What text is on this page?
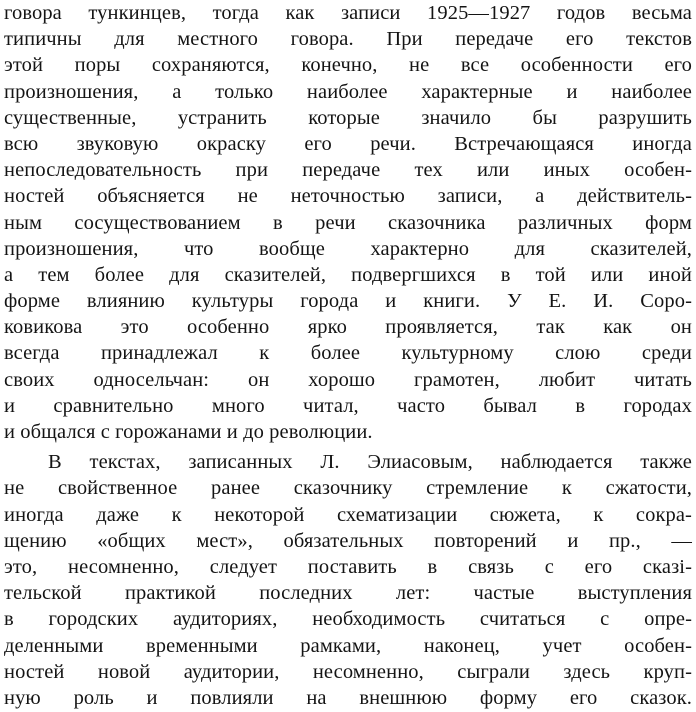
говора тункинцев, тогда как записи 1925—1927 годов весьма
типичны для местного говора. При передаче его текстов
этой поры сохраняются, конечно, не все особенности его
произношения, а только наиболее характерные и наиболее
существенные, устранить которые значило бы разрушить
всю звуковую окраску его речи. Встречающаяся иногда
непоследовательность при передаче тех или иных особен-
ностей объясняется не неточностью записи, а действитель-
ным сосуществованием в речи сказочника различных форм
произношения, что вообще характерно для сказителей,
а тем более для сказителей, подвергшихся в той или иной
форме влиянию культуры города и книги. У Е. И. Соро-
ковикова это особенно ярко проявляется, так как он
всегда принадлежал к более культурному слою среди
своих односельчан: он хорошо грамотен, любит читать
и сравнительно много читал, часто бывал в городах
и общался с горожанами и до революции.
В текстах, записанных Л. Элиасовым, наблюдается также
не свойственное ранее сказочнику стремление к сжатости,
иногда даже к некоторой схематизации сюжета, к сокра-
щению «общих мест», обязательных повторений и пр., —
это, несомненно, следует поставить в связь с его сказі-
тельской практикой последних лет: частые выступления
в городских аудиториях, необходимость считаться с опре-
деленными временными рамками, наконец, учет особен-
ностей новой аудитории, несомненно, сыграли здесь круп-
ную роль и повлияли на внешнюю форму его сказок.
